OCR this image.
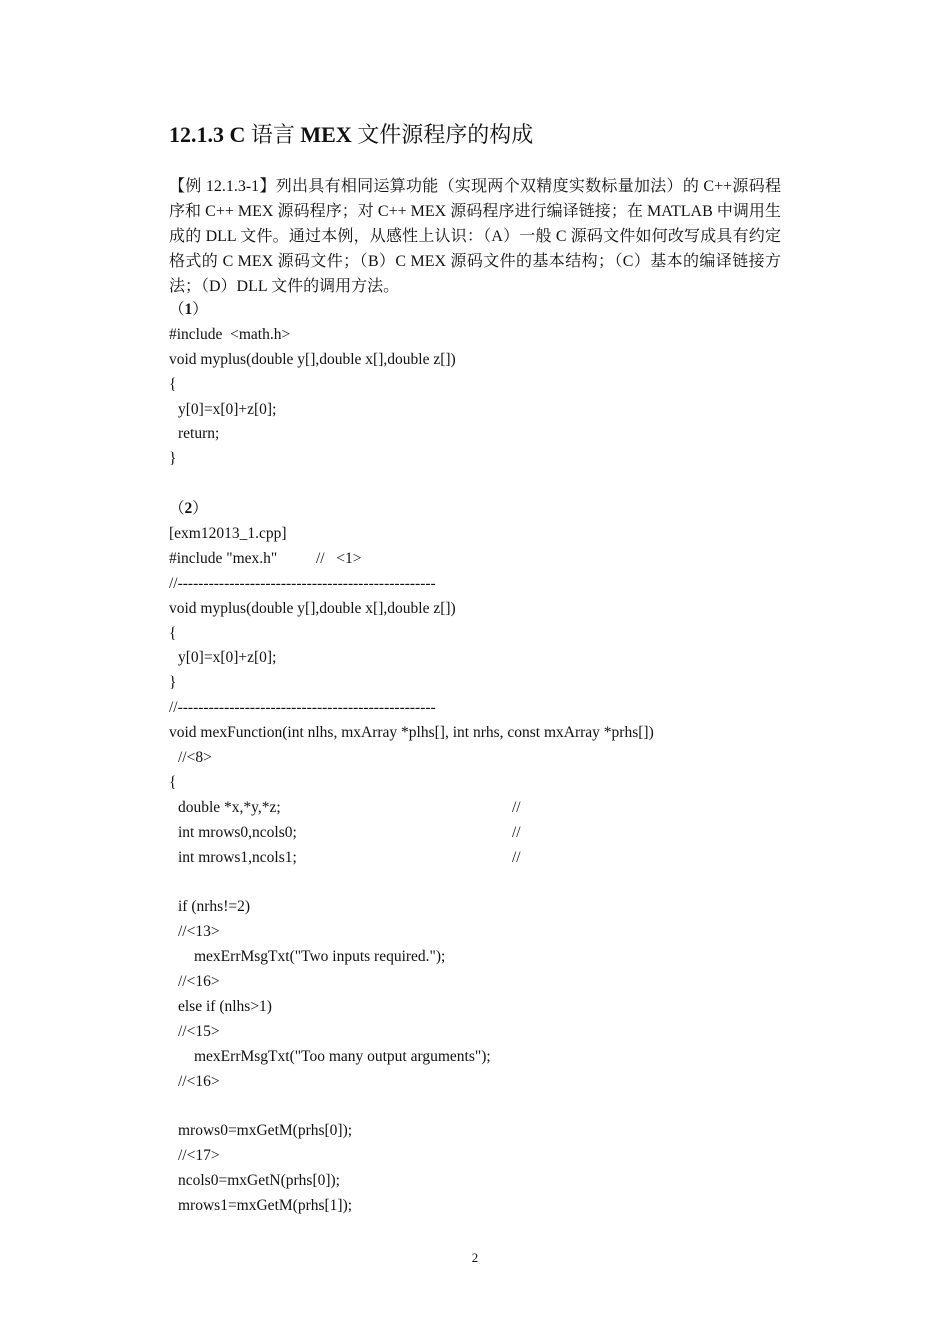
12.1.3 C 语言 MEX 文件源程序的构成
【例 12.1.3-1】列出具有相同运算功能（实现两个双精度实数标量加法）的 C++源码程序和 C++ MEX 源码程序；对 C++ MEX 源码程序进行编译链接；在 MATLAB 中调用生成的 DLL 文件。通过本例，从感性上认识：（A）一般 C 源码文件如何改写成具有约定格式的 C MEX 源码文件；（B）C MEX 源码文件的基本结构；（C）基本的编译链接方法；（D）DLL 文件的调用方法。
（1）
#include  <math.h>
void myplus(double y[],double x[],double z[])
{
y[0]=x[0]+z[0];
return;
}
（2）
[exm12013_1.cpp]
#include "mex.h"          //   <1>
//--------------------------------------------------
void myplus(double y[],double x[],double z[])
{
y[0]=x[0]+z[0];
}
//--------------------------------------------------
void mexFunction(int nlhs, mxArray *plhs[], int nrhs, const mxArray *prhs[])
//<8>
{
double *x,*y,*z;	//
int mrows0,ncols0;	//
int mrows1,ncols1;	//
if (nrhs!=2)
//<13>
mexErrMsgTxt("Two inputs required.");
//<16>
else if (nlhs>1)
//<15>
mexErrMsgTxt("Too many output arguments");
//<16>
mrows0=mxGetM(prhs[0]);
//<17>
ncols0=mxGetN(prhs[0]);
mrows1=mxGetM(prhs[1]);
2
